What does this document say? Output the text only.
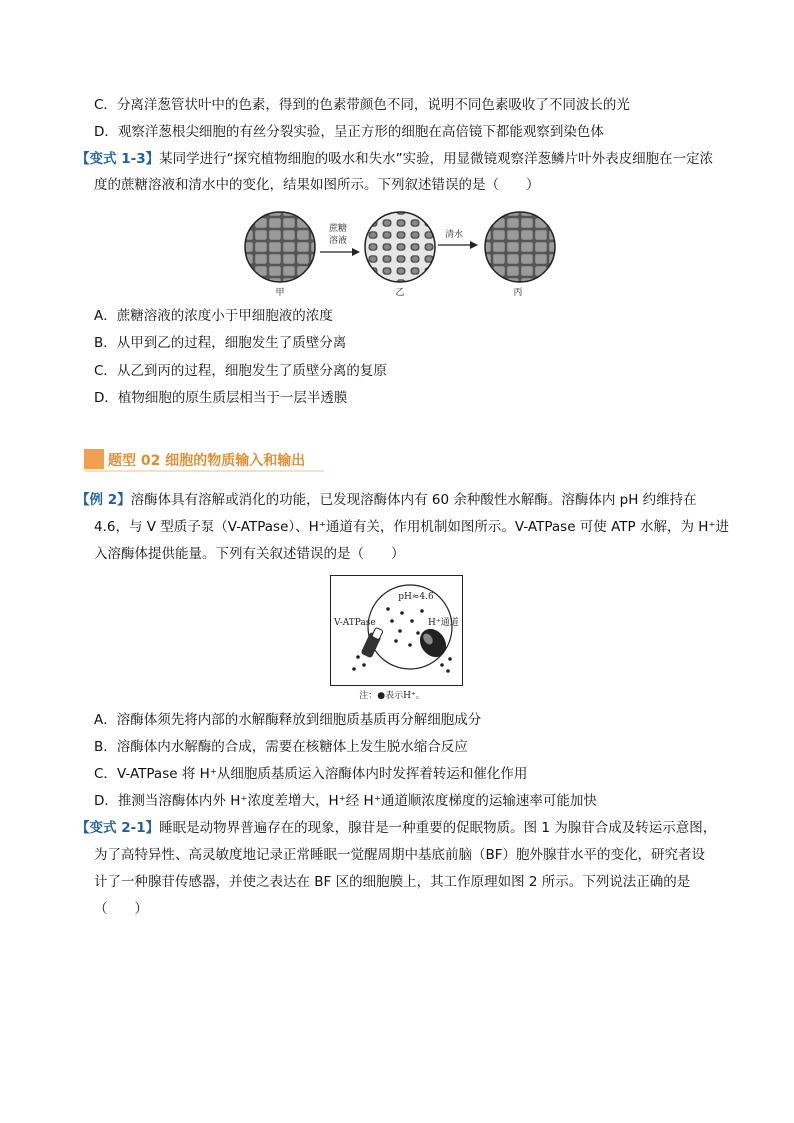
C．分离洋葱管状叶中的色素，得到的色素带颜色不同，说明不同色素吸收了不同波长的光
D．观察洋葱根尖细胞的有丝分裂实验，呈正方形的细胞在高倍镜下都能观察到染色体
【变式 1-3】某同学进行“探究植物细胞的吸水和失水”实验，用显微镜观察洋葱鳞片叶外表皮细胞在一定浓
度的蔗糖溶液和清水中的变化，结果如图所示。下列叙述错误的是（　　）
蔗糖
溶液
清水
甲	乙	丙
A．蔗糖溶液的浓度小于甲细胞液的浓度
B．从甲到乙的过程，细胞发生了质壁分离
C．从乙到丙的过程，细胞发生了质壁分离的复原
D．植物细胞的原生质层相当于一层半透膜
题型 02 细胞的物质输入和输出
【例 2】溶酶体具有溶解或消化的功能，已发现溶酶体内有 60 余种酸性水解酶。溶酶体内 pH 约维持在
4.6，与 V 型质子泵（V-ATPase）、H⁺通道有关，作用机制如图所示。V-ATPase 可使 ATP 水解，为 H⁺进
入溶酶体提供能量。下列有关叙述错误的是（　　）
pH≈4.6
V-ATPase	H⁺通道
注：●表示H⁺。
A．溶酶体须先将内部的水解酶释放到细胞质基质再分解细胞成分
B．溶酶体内水解酶的合成，需要在核糖体上发生脱水缩合反应
C．V-ATPase 将 H⁺从细胞质基质运入溶酶体内时发挥着转运和催化作用
D．推测当溶酶体内外 H⁺浓度差增大，H⁺经 H⁺通道顺浓度梯度的运输速率可能加快
【变式 2-1】睡眠是动物界普遍存在的现象，腺苷是一种重要的促眠物质。图 1 为腺苷合成及转运示意图，
为了高特异性、高灵敏度地记录正常睡眠一觉醒周期中基底前脑（BF）胞外腺苷水平的变化，研究者设
计了一种腺苷传感器，并使之表达在 BF 区的细胞膜上，其工作原理如图 2 所示。下列说法正确的是
（　　）
